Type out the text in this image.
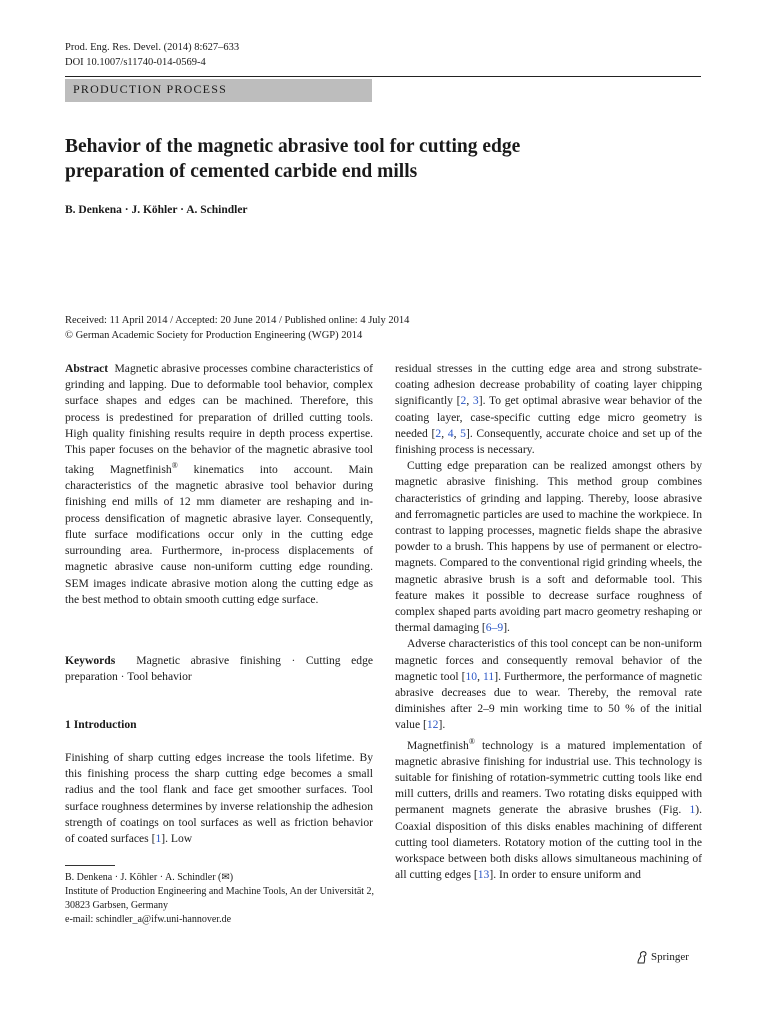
Prod. Eng. Res. Devel. (2014) 8:627–633
DOI 10.1007/s11740-014-0569-4
PRODUCTION PROCESS
Behavior of the magnetic abrasive tool for cutting edge
preparation of cemented carbide end mills
B. Denkena · J. Köhler · A. Schindler
Received: 11 April 2014 / Accepted: 20 June 2014 / Published online: 4 July 2014
© German Academic Society for Production Engineering (WGP) 2014

Abstract Magnetic abrasive processes combine characteristics of grinding and lapping. Due to deformable tool behavior, complex surface shapes and edges can be machined. Therefore, this process is predestined for preparation of drilled cutting tools. High quality finishing results require in depth process expertise. This paper focuses on the behavior of the magnetic abrasive tool taking Magnetfinish® kinematics into account. Main characteristics of the magnetic abrasive tool behavior during finishing end mills of 12 mm diameter are reshaping and in-process densification of magnetic abrasive layer. Consequently, flute surface modifications occur only in the cutting edge surrounding area. Furthermore, in-process displacements of magnetic abrasive cause non-uniform cutting edge rounding. SEM images indicate abrasive motion along the cutting edge as the best method to obtain smooth cutting edge surface.

Keywords Magnetic abrasive finishing · Cutting edge preparation · Tool behavior

1 Introduction

Finishing of sharp cutting edges increase the tools lifetime. By this finishing process the sharp cutting edge becomes a small radius and the tool flank and face get smoother surfaces. Tool surface roughness determines by inverse relationship the adhesion strength of coatings on tool surfaces as well as friction behavior of coated surfaces [1]. Low

B. Denkena · J. Köhler · A. Schindler (✉)
Institute of Production Engineering and Machine Tools, An der Universität 2, 30823 Garbsen, Germany
e-mail: schindler_a@ifw.uni-hannover.de

residual stresses in the cutting edge area and strong substrate-coating adhesion decrease probability of coating layer chipping significantly [2, 3]. To get optimal abrasive wear behavior of the coating layer, case-specific cutting edge micro geometry is needed [2, 4, 5]. Consequently, accurate choice and set up of the finishing process is necessary.

Cutting edge preparation can be realized amongst others by magnetic abrasive finishing. This method group combines characteristics of grinding and lapping. Thereby, loose abrasive and ferromagnetic particles are used to machine the workpiece. In contrast to lapping processes, magnetic fields shape the abrasive powder to a brush. This happens by use of permanent or electro-magnets. Compared to the conventional rigid grinding wheels, the magnetic abrasive brush is a soft and deformable tool. This feature makes it possible to decrease surface roughness of complex shaped parts avoiding part macro geometry reshaping or thermal damaging [6–9].

Adverse characteristics of this tool concept can be non-uniform magnetic forces and consequently removal behavior of the magnetic tool [10, 11]. Furthermore, the performance of magnetic abrasive decreases due to wear. Thereby, the removal rate diminishes after 2–9 min working time to 50 % of the initial value [12].

Magnetfinish® technology is a matured implementation of magnetic abrasive finishing for industrial use. This technology is suitable for finishing of rotation-symmetric cutting tools like end mill cutters, drills and reamers. Two rotating disks equipped with permanent magnets generate the abrasive brushes (Fig. 1). Coaxial disposition of this disks enables machining of different cutting tool diameters. Rotatory motion of the cutting tool in the workspace between both disks allows simultaneous machining of all cutting edges [13]. In order to ensure uniform and

Springer
